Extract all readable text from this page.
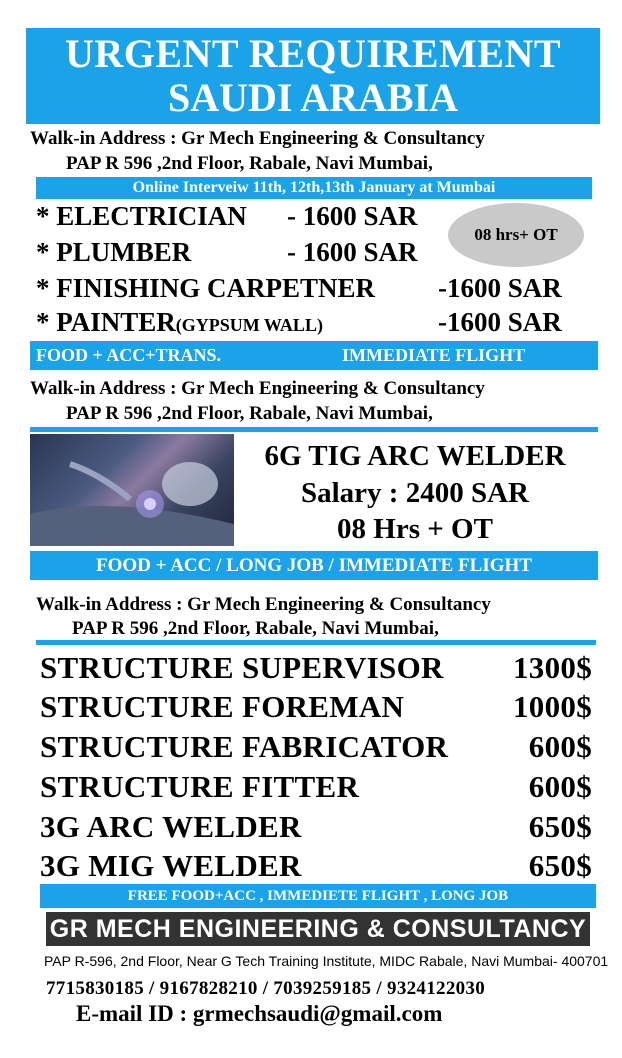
URGENT REQUIREMENT
SAUDI ARABIA
Walk-in Address : Gr Mech Engineering & Consultancy
PAP R 596 ,2nd Floor, Rabale, Navi Mumbai,
Online Interveiw 11th, 12th,13th January at Mumbai
08 hrs+ OT
* ELECTRICIAN - 1600 SAR
* PLUMBER	- 1600 SAR
* FINISHING CARPETNER -1600 SAR
* PAINTER(GYPSUM WALL)	-1600 SAR
FOOD + ACC+TRANS.	IMMEDIATE FLIGHT
Walk-in Address : Gr Mech Engineering & Consultancy
PAP R 596 ,2nd Floor, Rabale, Navi Mumbai,
6G TIG ARC WELDER
Salary : 2400 SAR
08 Hrs + OT
FOOD + ACC / LONG JOB / IMMEDIATE FLIGHT
Walk-in Address : Gr Mech Engineering & Consultancy
PAP R 596 ,2nd Floor, Rabale, Navi Mumbai,
STRUCTURE SUPERVISOR 1300$
STRUCTURE FOREMAN	1000$
STRUCTURE FABRICATOR	600$
STRUCTURE FITTER	600$
3G ARC WELDER	650$
3G MIG WELDER	650$
FREE FOOD+ACC , IMMEDIETE FLIGHT , LONG JOB
GR MECH ENGINEERING & CONSULTANCY
PAP R-596, 2nd Floor, Near G Tech Training Institute, MIDC Rabale, Navi Mumbai- 400701
7715830185 / 9167828210 / 7039259185 / 9324122030
E-mail ID : grmechsaudi@gmail.com
